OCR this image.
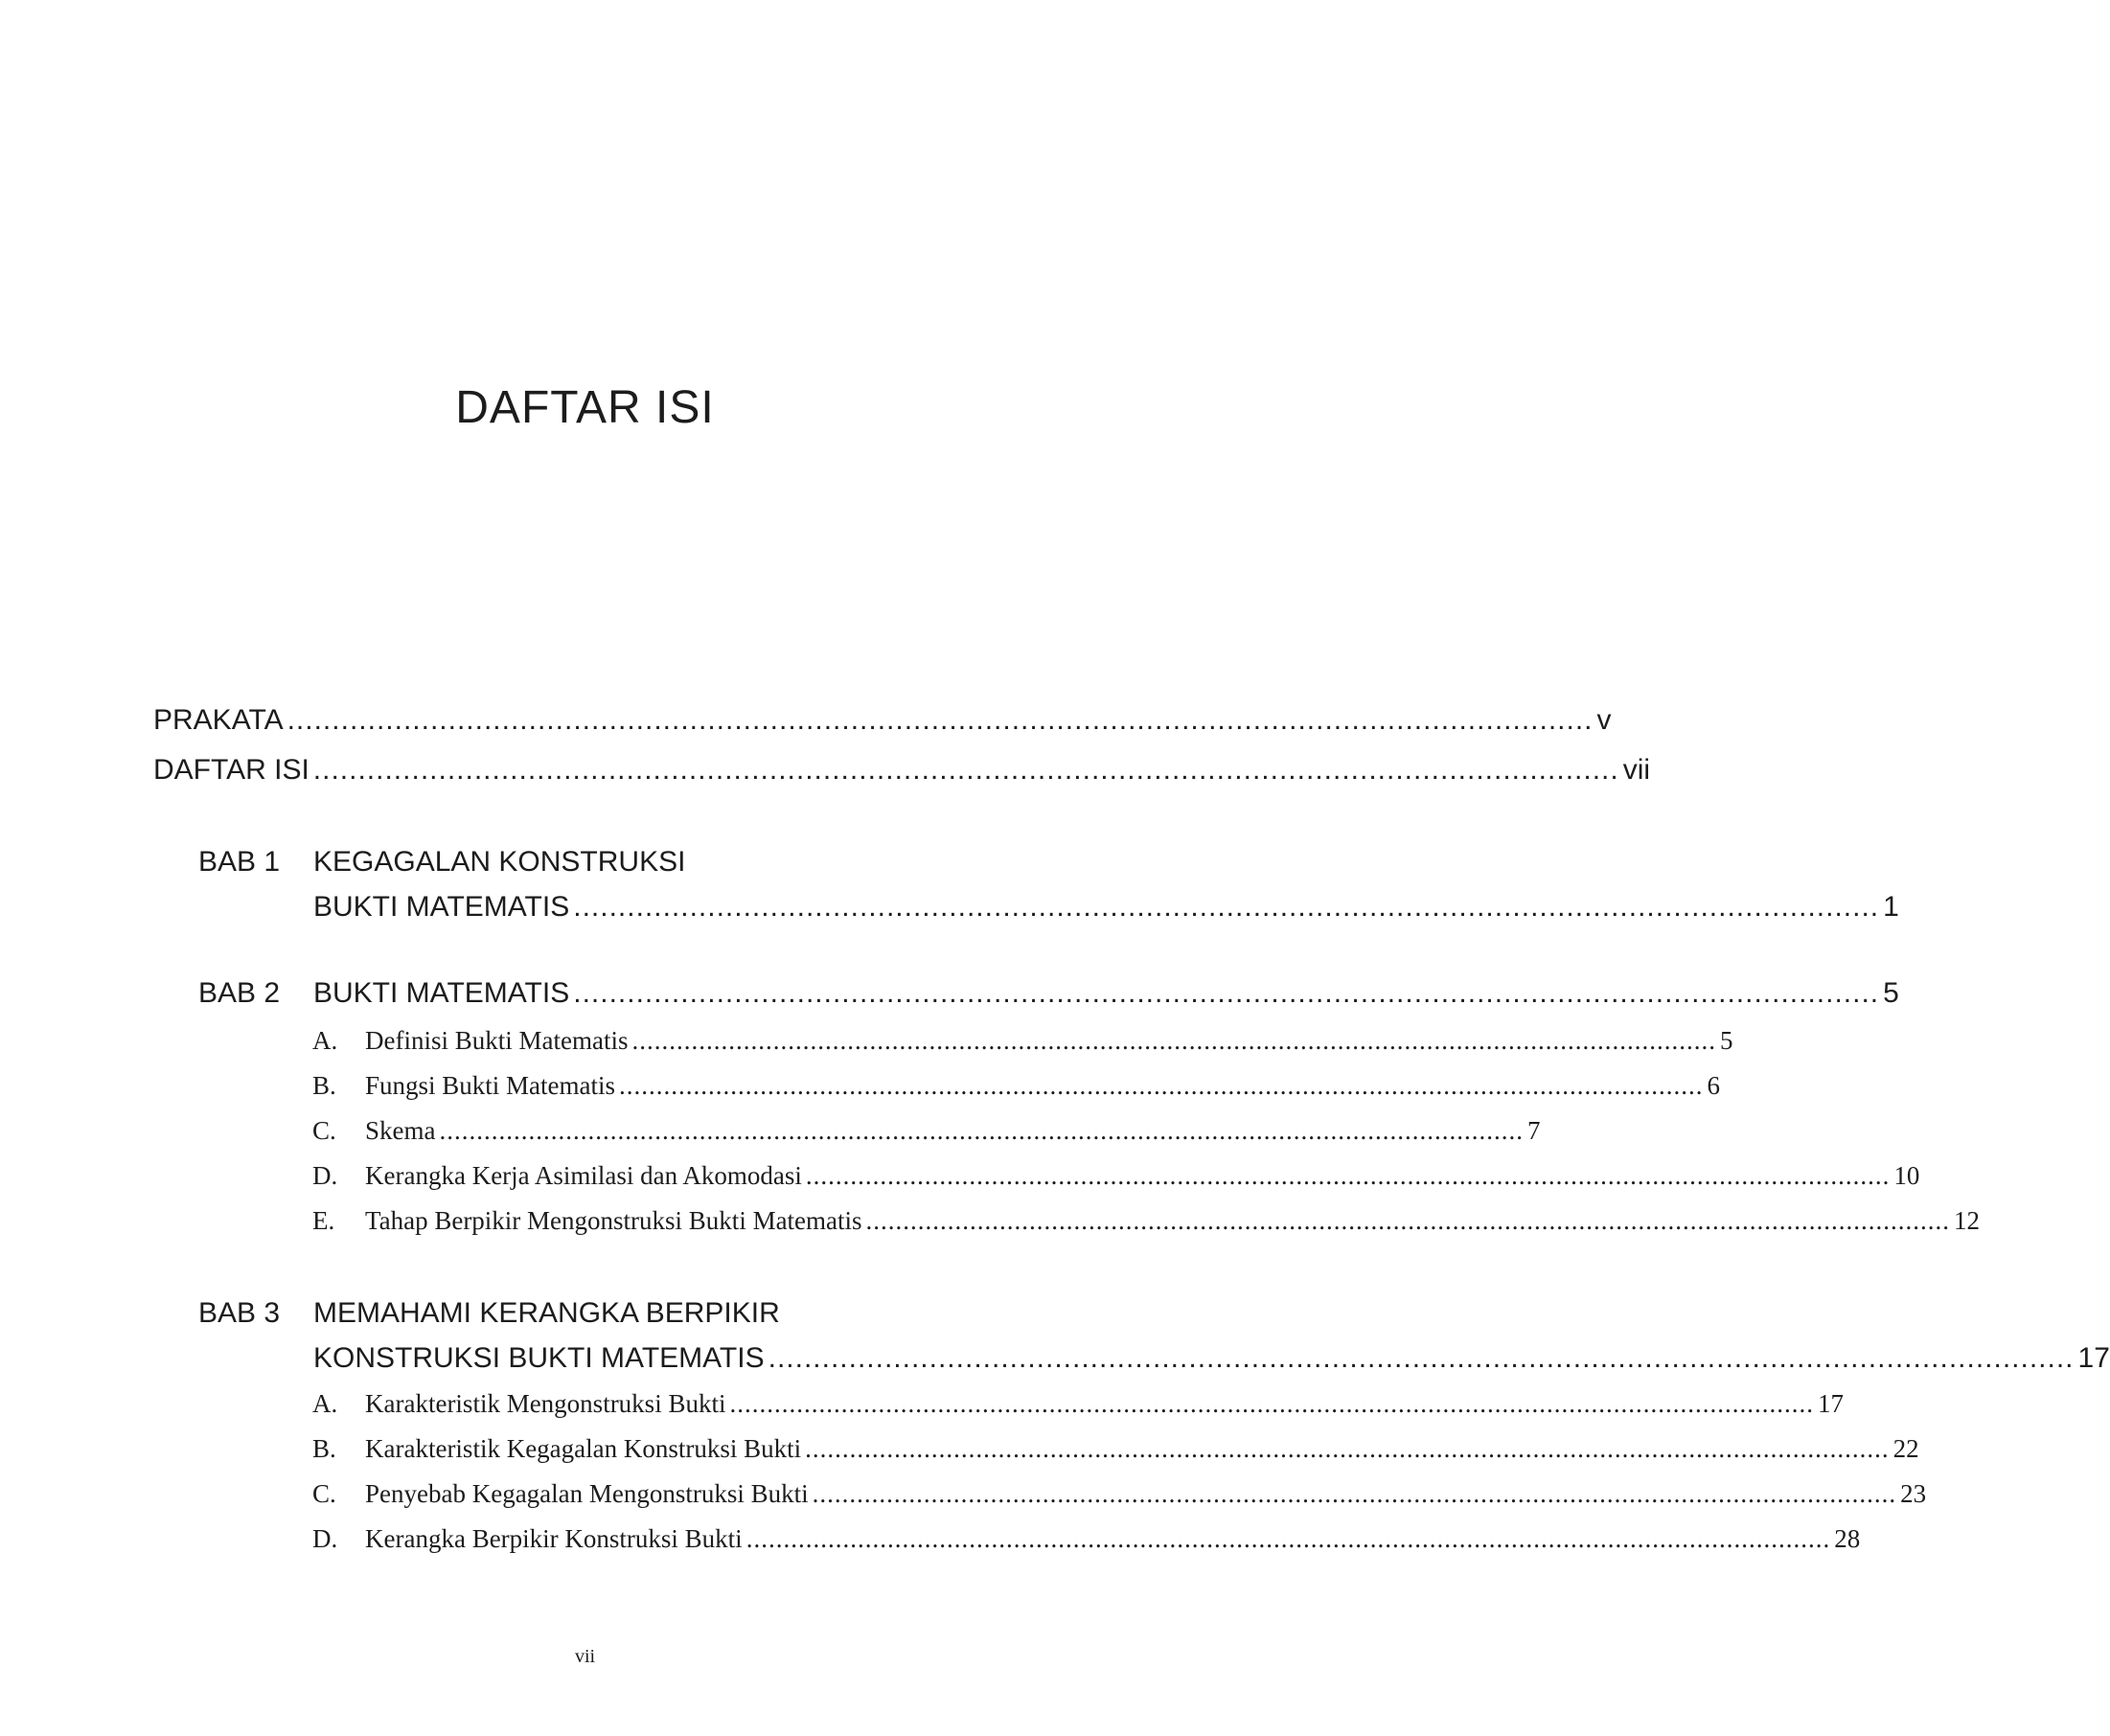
DAFTAR ISI
PRAKATA .................................................................................................................................................. v
DAFTAR ISI .................................................................................................................................................. vii
BAB 1 KEGAGALAN KONSTRUKSI
BUKTI MATEMATIS .................................................................................................................................................. 1
BAB 2 BUKTI MATEMATIS .................................................................................................................................................. 5
A. Definisi Bukti Matematis .................................................................................................................................................. 5
B. Fungsi Bukti Matematis .................................................................................................................................................. 6
C. Skema .................................................................................................................................................. 7
D. Kerangka Kerja Asimilasi dan Akomodasi .................................................................................................................................................. 10
E. Tahap Berpikir Mengonstruksi Bukti Matematis .................................................................................................................................................. 12
BAB 3 MEMAHAMI KERANGKA BERPIKIR
KONSTRUKSI BUKTI MATEMATIS .................................................................................................................................................. 17
A. Karakteristik Mengonstruksi Bukti .................................................................................................................................................. 17
B. Karakteristik Kegagalan Konstruksi Bukti .................................................................................................................................................. 22
C. Penyebab Kegagalan Mengonstruksi Bukti .................................................................................................................................................. 23
D. Kerangka Berpikir Konstruksi Bukti .................................................................................................................................................. 28
vii
